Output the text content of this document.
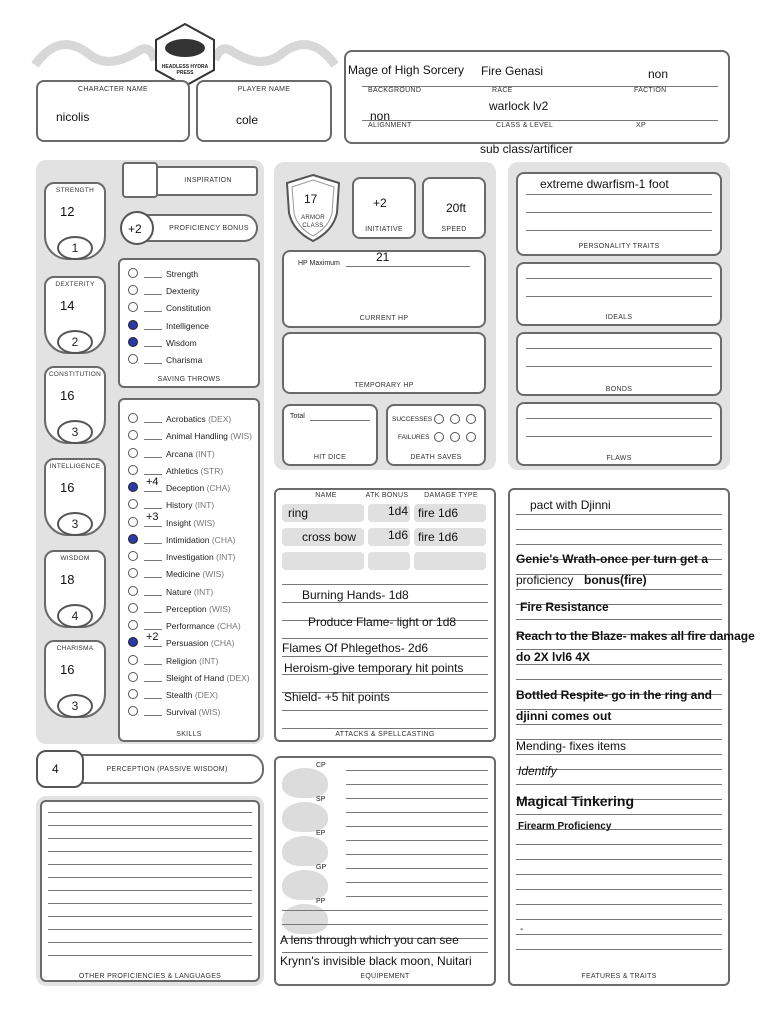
HEADLESS HYDRA PRESS
CHARACTER NAME
nicolis
PLAYER NAME
cole
Mage of High Sorcery Fire Genasi	non
BACKGROUND	RACE	FACTION
warlock lv2
non
ALIGNMENT	CLASS & LEVEL	XP
sub class/artificer
STRENGTH
12
1
DEXTERITY
14
2
CONSTITUTION
16
3
INTELLIGENCE
16
3
WISDOM
18
4
CHARISMA
16
3
INSPIRATION
+2	PROFICIENCY BONUS
Strength
Dexterity
Constitution
Intelligence
Wisdom
Charisma
SAVING THROWS
Acrobatics (DEX)
Animal Handling (WIS)
Arcana (INT)
Athletics (STR)
+4 Deception (CHA)
History (INT)
+3 Insight (WIS)
Intimidation (CHA)
Investigation (INT)
Medicine (WIS)
Nature (INT)
Perception (WIS)
Performance (CHA)
+2 Persuasion (CHA)
Religion (INT)
Sleight of Hand (DEX)
Stealth (DEX)
Survival (WIS)
SKILLS
4	PERCEPTION (PASSIVE WISDOM)
OTHER PROFICIENCIES & LANGUAGES
17
ARMOR CLASS
+2
INITIATIVE
20ft
SPEED
HP Maximum	21
CURRENT HP
TEMPORARY HP
Total
HIT DICE
SUCCESSES
FAILURES
DEATH SAVES
NAME	ATK BONUS	DAMAGE TYPE
ring	1d4 fire 1d6
cross bow	1d6 fire 1d6
Burning Hands- 1d8
Produce Flame- light or 1d8
Flames Of Phlegethos- 2d6
Heroism-give temporary hit points
Shield- +5 hit points
ATTACKS & SPELLCASTING
CP
SP
EP
GP
PP
A lens through which you can see
Krynn's invisible black moon, Nuitari
EQUIPEMENT
extreme dwarfism-1 foot
PERSONALITY TRAITS
IDEALS
BONDS
FLAWS
pact with Djinni
Genie's Wrath-once per turn get a
proficiency bonus(fire)
Fire Resistance
Reach to the Blaze- makes all fire damage
do 2X lvl6 4X
Bottled Respite- go in the ring and
djinni comes out
Mending- fixes items
Identify
Magical Tinkering
Firearm Proficiency
-
FEATURES & TRAITS
